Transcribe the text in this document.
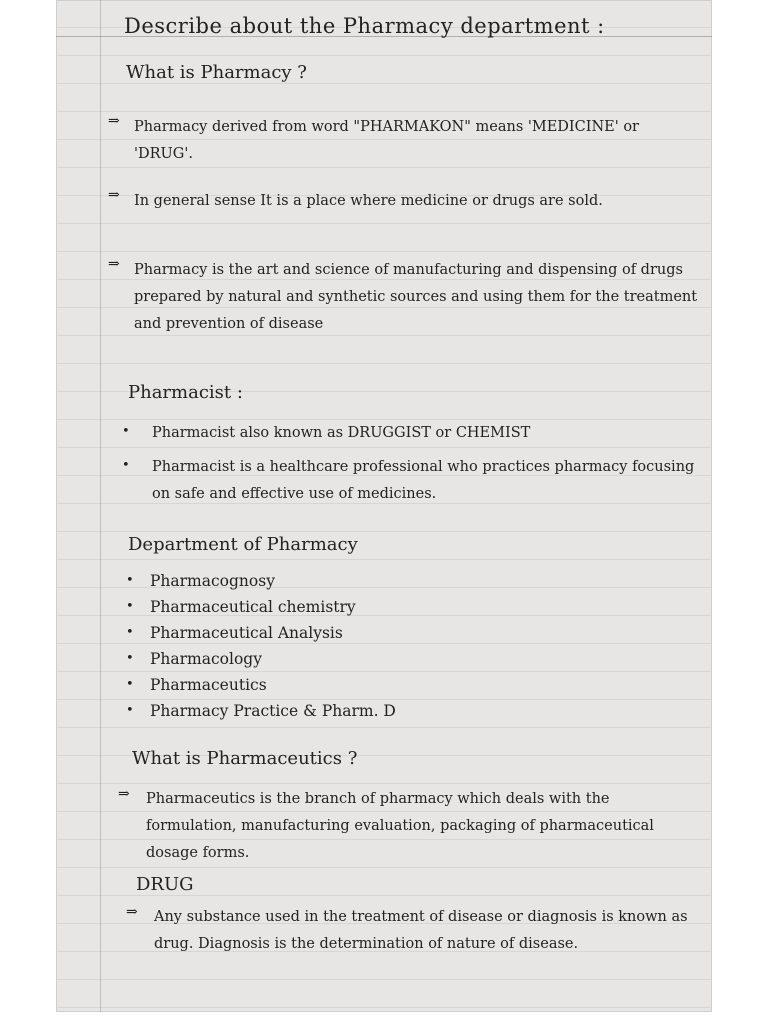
Describe about the Pharmacy department :

What is Pharmacy ?

⇒ Pharmacy derived from word "PHARMAKON" means 'MEDICINE' or 'DRUG'.

⇒ In general sense It is a place where medicine or drugs are sold.

⇒ Pharmacy is the art and science of manufacturing and dispensing of drugs prepared by natural and synthetic sources and using them for the treatment and prevention of disease

Pharmacist :

• Pharmacist also known as DRUGGIST or CHEMIST

• Pharmacist is a healthcare professional who practices pharmacy focusing on safe and effective use of medicines.

Department of Pharmacy

• Pharmacognosy
• Pharmaceutical chemistry
• Pharmaceutical Analysis
• Pharmacology
• Pharmaceutics
• Pharmacy Practice & Pharm. D

What is Pharmaceutics ?

⇒ Pharmaceutics is the branch of pharmacy which deals with the formulation, manufacturing evaluation, packaging of pharmaceutical dosage forms.

DRUG

⇒ Any substance used in the treatment of disease or diagnosis is known as drug. Diagnosis is the determination of nature of disease.
